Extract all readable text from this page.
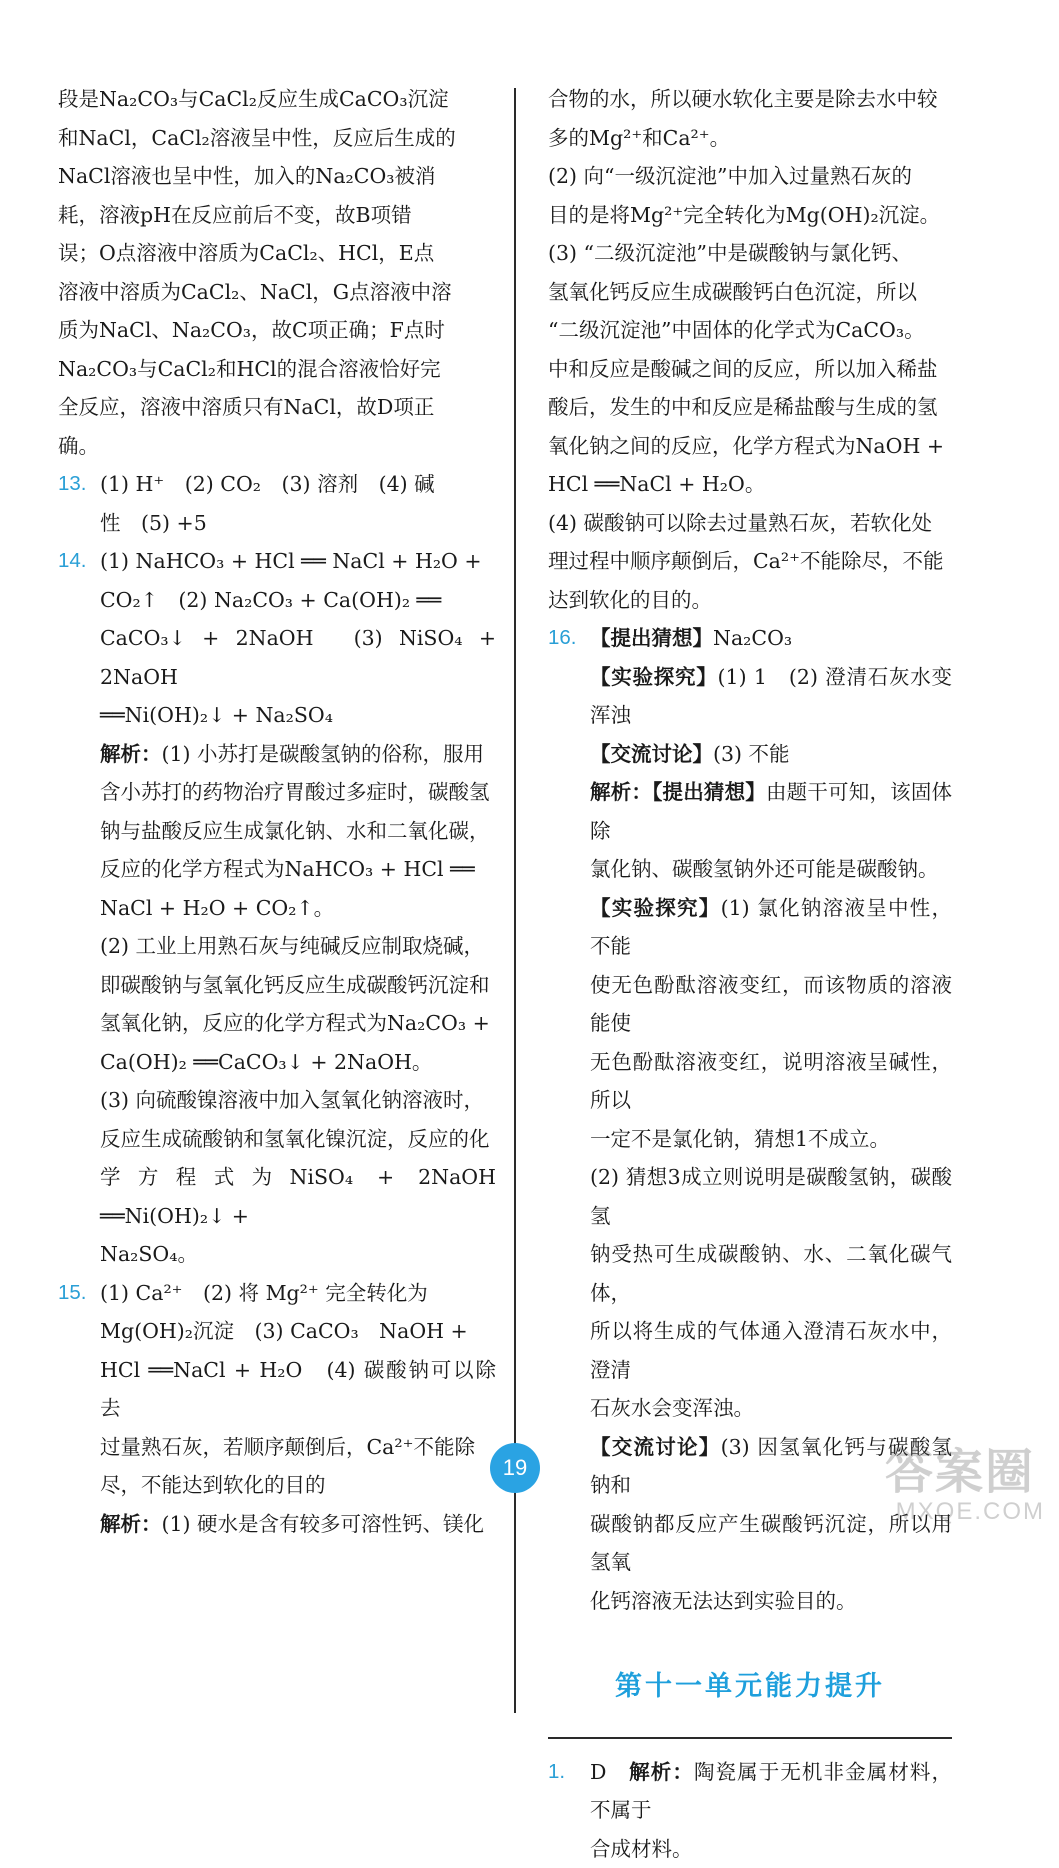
段是Na₂CO₃与CaCl₂反应生成CaCO₃沉淀

和NaCl，CaCl₂溶液呈中性，反应后生成的

NaCl溶液也呈中性，加入的Na₂CO₃被消

耗，溶液pH在反应前后不变，故B项错

误；O点溶液中溶质为CaCl₂、HCl，E点

溶液中溶质为CaCl₂、NaCl，G点溶液中溶

质为NaCl、Na₂CO₃，故C项正确；F点时

Na₂CO₃与CaCl₂和HCl的混合溶液恰好完

全反应，溶液中溶质只有NaCl，故D项正

确。

13. (1) H⁺　(2) CO₂　(3) 溶剂　(4) 碱

性　(5) +5

14. (1) NaHCO₃ + HCl ══ NaCl + H₂O +

CO₂↑　(2) Na₂CO₃ + Ca(OH)₂ ══

CaCO₃↓ + 2NaOH　(3) NiSO₄ + 2NaOH

══Ni(OH)₂↓ + Na₂SO₄

解析：(1) 小苏打是碳酸氢钠的俗称，服用

含小苏打的药物治疗胃酸过多症时，碳酸氢

钠与盐酸反应生成氯化钠、水和二氧化碳，

反应的化学方程式为NaHCO₃ + HCl ══

NaCl + H₂O + CO₂↑。

(2) 工业上用熟石灰与纯碱反应制取烧碱，

即碳酸钠与氢氧化钙反应生成碳酸钙沉淀和

氢氧化钠，反应的化学方程式为Na₂CO₃ +

Ca(OH)₂ ══CaCO₃↓ + 2NaOH。

(3) 向硫酸镍溶液中加入氢氧化钠溶液时，

反应生成硫酸钠和氢氧化镍沉淀，反应的化

学方程式为NiSO₄ + 2NaOH ══Ni(OH)₂↓ +

Na₂SO₄。

15. (1) Ca²⁺　(2) 将 Mg²⁺ 完全转化为

Mg(OH)₂沉淀　(3) CaCO₃　NaOH +

HCl ══NaCl + H₂O　(4) 碳酸钠可以除去

过量熟石灰，若顺序颠倒后，Ca²⁺不能除

尽，不能达到软化的目的

解析：(1) 硬水是含有较多可溶性钙、镁化

合物的水，所以硬水软化主要是除去水中较

多的Mg²⁺和Ca²⁺。

(2) 向“一级沉淀池”中加入过量熟石灰的

目的是将Mg²⁺完全转化为Mg(OH)₂沉淀。

(3) “二级沉淀池”中是碳酸钠与氯化钙、

氢氧化钙反应生成碳酸钙白色沉淀，所以

“二级沉淀池”中固体的化学式为CaCO₃。

中和反应是酸碱之间的反应，所以加入稀盐

酸后，发生的中和反应是稀盐酸与生成的氢

氧化钠之间的反应，化学方程式为NaOH +

HCl ══NaCl + H₂O。

(4) 碳酸钠可以除去过量熟石灰，若软化处

理过程中顺序颠倒后，Ca²⁺不能除尽，不能

达到软化的目的。

16. 【提出猜想】Na₂CO₃

【实验探究】(1) 1　(2) 澄清石灰水变浑浊

【交流讨论】(3) 不能

解析：【提出猜想】由题干可知，该固体除

氯化钠、碳酸氢钠外还可能是碳酸钠。

【实验探究】(1) 氯化钠溶液呈中性，不能

使无色酚酞溶液变红，而该物质的溶液能使

无色酚酞溶液变红，说明溶液呈碱性，所以

一定不是氯化钠，猜想1不成立。

(2) 猜想3成立则说明是碳酸氢钠，碳酸氢

钠受热可生成碳酸钠、水、二氧化碳气体，

所以将生成的气体通入澄清石灰水中，澄清

石灰水会变浑浊。

【交流讨论】(3) 因氢氧化钙与碳酸氢钠和

碳酸钠都反应产生碳酸钙沉淀，所以用氢氧

化钙溶液无法达到实验目的。

第十一单元能力提升
1. D　 解析：陶瓷属于无机非金属材料，不属于

合成材料。

19	答案圈
MXQE.COM
